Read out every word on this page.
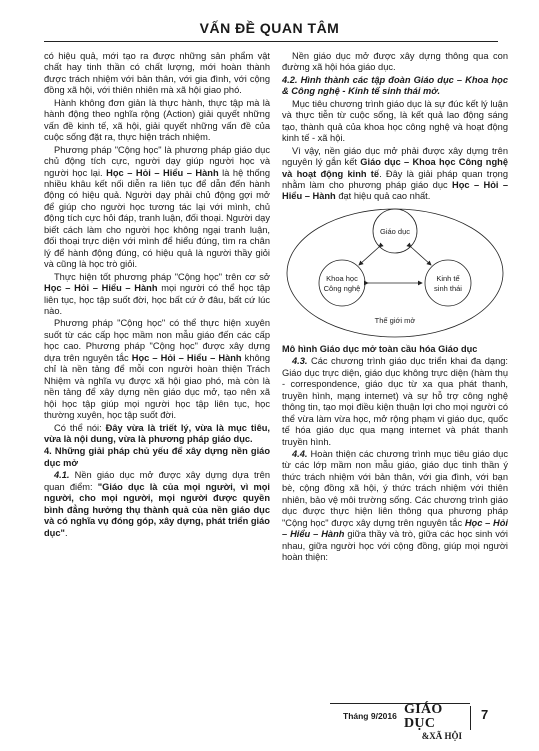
VẤN ĐỀ QUAN TÂM

có hiệu quả, mới tạo ra được những sản phẩm vật chất hay tinh thần có chất lượng, mới hoàn thành được trách nhiệm với bản thân, với gia đình, với cộng đồng xã hội, với thiên nhiên mà xã hội giao phó.

Hành không đơn giản là thực hành, thực tập mà là hành động theo nghĩa rộng (Action) giải quyết những vấn đề kinh tế, xã hội, giải quyết những vấn đề của cuộc sống đặt ra, thực hiện trách nhiệm.

Phương pháp "Cộng học" là phương pháp giáo dục chủ động tích cực, người dạy giúp người học và người học lại. Học – Hỏi – Hiểu – Hành là hệ thống nhiều khâu kết nối diễn ra liên tục để dẫn đến hành động có hiệu quả. Người dạy phải chủ động gợi mở để giúp cho người học tương tác lại với mình, chủ động tích cực hỏi đáp, tranh luận, đối thoại. Người dạy biết cách làm cho người học không ngại tranh luận, đối thoại trực diện với mình để hiểu đúng, tìm ra chân lý để hành động đúng, có hiệu quả là người thầy giỏi và cũng là học trò giỏi.

Thực hiện tốt phương pháp "Cộng học" trên cơ sở Học – Hỏi – Hiểu – Hành mọi người có thể học tập liên tục, học tập suốt đời, học bất cứ ở đâu, bất cứ lúc nào.

Phương pháp "Cộng học" có thể thực hiện xuyên suốt từ các cấp học mầm non mẫu giáo đến các cấp học cao. Phương pháp "Cộng học" được xây dựng dựa trên nguyên tắc Học – Hỏi – Hiểu – Hành không chỉ là nền tảng để mỗi con người hoàn thiện Trách Nhiệm và nghĩa vụ được xã hội giao phó, mà còn là nền tảng để xây dựng nền giáo dục mở, tạo nên xã hội học tập giúp mọi người học tập liên tục, học thường xuyên, học tập suốt đời.

Có thể nói: Đây vừa là triết lý, vừa là mục tiêu, vừa là nội dung, vừa là phương pháp giáo dục.

4. Những giải pháp chủ yếu để xây dựng nền giáo dục mở

4.1. Nền giáo dục mở được xây dựng dựa trên quan điểm: "Giáo dục là của mọi người, vì mọi người, cho mọi người, mọi người được quyền bình đẳng hưởng thụ thành quả của nền giáo dục và có nghĩa vụ đóng góp, xây dựng, phát triển giáo dục".

Nền giáo dục mở được xây dựng thông qua con đường xã hội hóa giáo dục.

4.2. Hình thành các tập đoàn Giáo dục – Khoa học & Công nghệ - Kinh tế sinh thái mở.

Mục tiêu chương trình giáo dục là sự đúc kết lý luận và thực tiễn từ cuộc sống, là kết quả lao động sáng tạo, thành quả của khoa học công nghệ và hoạt động kinh tế - xã hội.

Vì vậy, nền giáo dục mở phải được xây dựng trên nguyên lý gắn kết Giáo dục – Khoa học Công nghệ và hoạt động kinh tế. Đây là giải pháp quan trọng nhằm làm cho phương pháp giáo dục Học – Hỏi – Hiểu – Hành đạt hiệu quả cao nhất.

Giáo dục
Khoa học
Công nghệ
Kinh tế
sinh thái
Thế giới mở

Mô hình Giáo dục mở toàn cầu hóa Giáo dục

4.3. Các chương trình giáo dục triển khai đa dạng: Giáo dục trực diện, giáo dục không trực diện (hàm thụ - correspondence, giáo dục từ xa qua phát thanh, truyền hình, mạng internet) và sự hỗ trợ công nghệ thông tin, tạo mọi điều kiện thuận lợi cho mọi người có thể vừa làm vừa học, mở rộng phạm vi giáo dục, quốc tế hóa giáo dục qua mạng internet và phát thanh truyền hình.

4.4. Hoàn thiện các chương trình mục tiêu giáo dục từ các lớp mầm non mẫu giáo, giáo dục tinh thần ý thức trách nhiệm với bản thân, với gia đình, với bạn bè, cộng đồng xã hội, ý thức trách nhiệm với thiên nhiên, bảo vệ môi trường sống. Các chương trình giáo dục được thực hiện liên thông qua phương pháp "Cộng học" được xây dựng trên nguyên tắc Học – Hỏi – Hiểu – Hành giữa thầy và trò, giữa các học sinh với nhau, giữa người học với cộng đồng, giúp mọi người hoàn thiện:

Tháng 9/2016 GIÁO DỤC
&XÃ HỘI
7
